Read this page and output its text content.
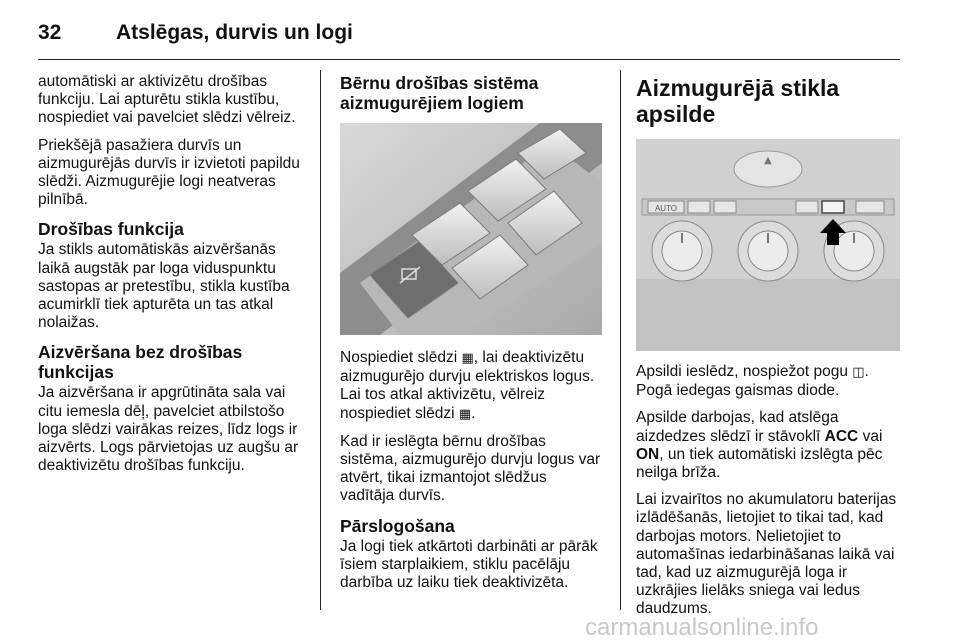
32	Atslēgas, durvis un logi

automātiski ar aktivizētu drošības funkciju. Lai apturētu stikla kustību, nospiediet vai pavelciet slēdzi vēlreiz.

Priekšējā pasažiera durvīs un aizmugurējās durvīs ir izvietoti papildu slēdži. Aizmugurējie logi neatveras pilnībā.

Drošības funkcija

Ja stikls automātiskās aizvēršanās laikā augstāk par loga viduspunktu sastopas ar pretestību, stikla kustība acumirklī tiek apturēta un tas atkal nolaižas.

Aizvēršana bez drošības funkcijas

Ja aizvēršana ir apgrūtināta sala vai citu iemesla dēļ, pavelciet atbilstošo loga slēdzi vairākas reizes, līdz logs ir aizvērts. Logs pārvietojas uz augšu ar deaktivizētu drošības funkciju.

Bērnu drošības sistēma aizmugurējiem logiem

Nospiediet slēdzi ▦, lai deaktivizētu aizmugurējo durvju elektriskos logus. Lai tos atkal aktivizētu, vēlreiz nospiediet slēdzi ▦.

Kad ir ieslēgta bērnu drošības sistēma, aizmugurējo durvju logus var atvērt, tikai izmantojot slēdžus vadītāja durvīs.

Pārslogošana

Ja logi tiek atkārtoti darbināti ar pārāk īsiem starplaikiem, stiklu pacēlāju darbība uz laiku tiek deaktivizēta.

Aizmugurējā stikla apsilde
▲
AUTO

Apsildi ieslēdz, nospiežot pogu ◫. Pogā iedegas gaismas diode.

Apsilde darbojas, kad atslēga aizdedzes slēdzī ir stāvoklī ACC vai ON, un tiek automātiski izslēgta pēc neilga brīža.

Lai izvairītos no akumulatoru baterijas izlādēšanās, lietojiet to tikai tad, kad darbojas motors. Nelietojiet to automašīnas iedarbināšanas laikā vai tad, kad uz aizmugurējā loga ir uzkrājies lielāks sniega vai ledus daudzums.

carmanualsonline.info
